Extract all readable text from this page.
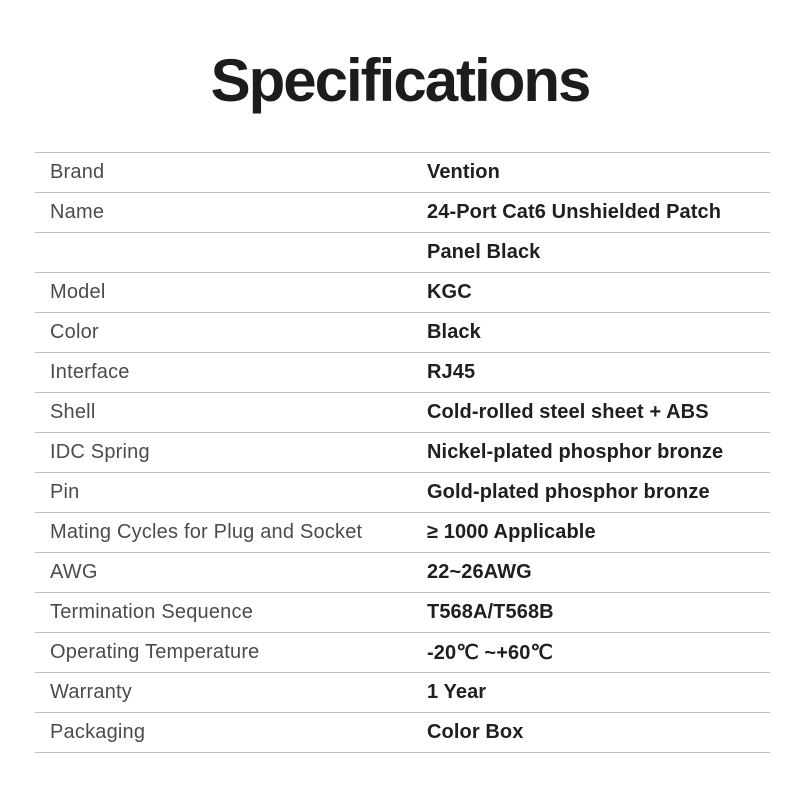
Specifications
Brand	Vention
Name	24-Port Cat6 Unshielded Patch
	Panel Black
Model	KGC
Color	Black
Interface	RJ45
Shell	Cold-rolled steel sheet + ABS
IDC Spring	Nickel-plated phosphor bronze
Pin	Gold-plated phosphor bronze
Mating Cycles for Plug and Socket	≥ 1000 Applicable
AWG	22~26AWG
Termination Sequence	T568A/T568B
Operating Temperature	-20℃ ~+60℃
Warranty	1 Year
Packaging	Color Box
